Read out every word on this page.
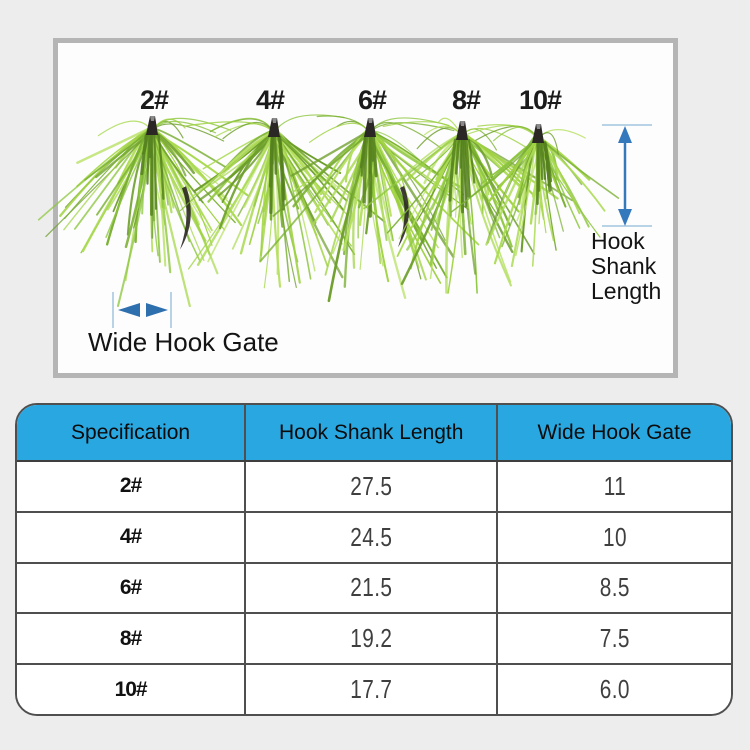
2#	4#	6#	8#	10#
Hook
Shank
Length
Wide Hook Gate
Specification	Hook Shank Length	Wide Hook Gate
2#	27.5	11
4#	24.5	10
6#	21.5	8.5
8#	19.2	7.5
10#	17.7	6.0
